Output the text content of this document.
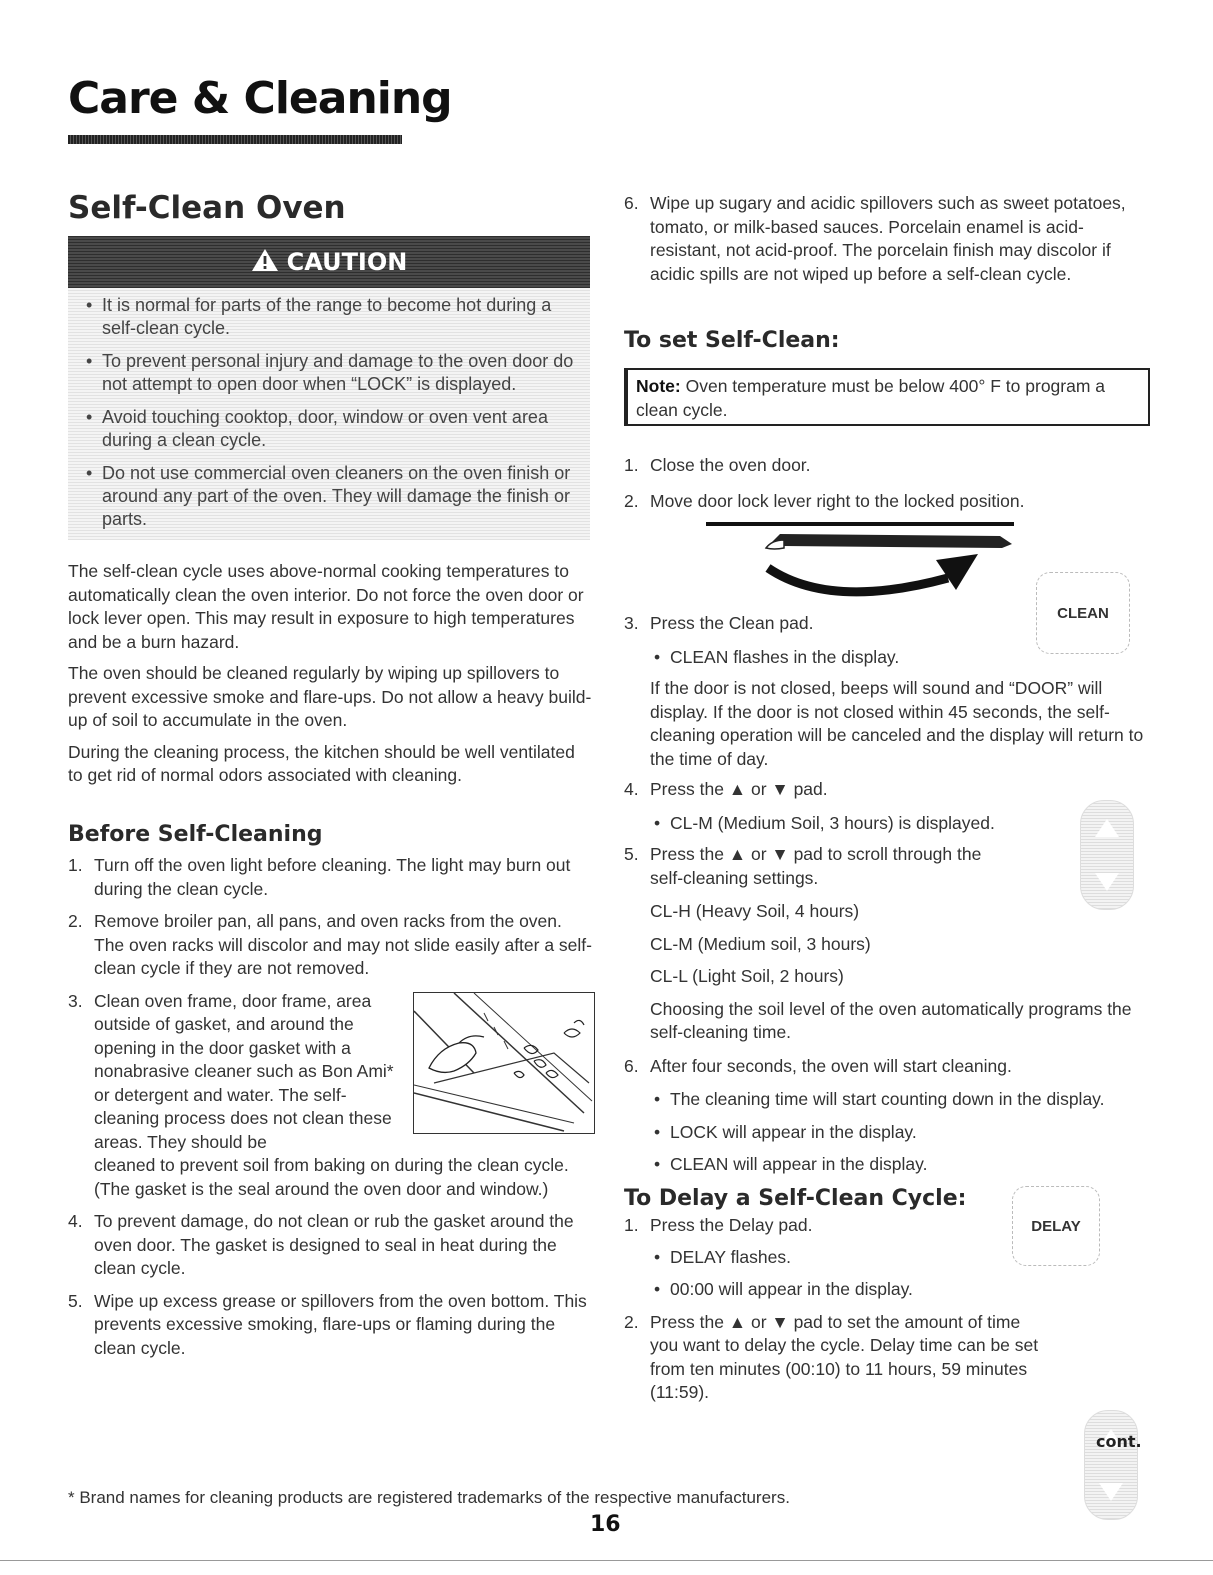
Care & Cleaning
Self-Clean Oven
CAUTION
• It is normal for parts of the range to become hot during a self-clean cycle.
• To prevent personal injury and damage to the oven door do not attempt to open door when “LOCK” is displayed.
• Avoid touching cooktop, door, window or oven vent area during a clean cycle.
• Do not use commercial oven cleaners on the oven finish or around any part of the oven. They will damage the finish or parts.

The self-clean cycle uses above-normal cooking temperatures to automatically clean the oven interior. Do not force the oven door or lock lever open. This may result in exposure to high temperatures and be a burn hazard.

The oven should be cleaned regularly by wiping up spillovers to prevent excessive smoke and flare-ups. Do not allow a heavy build-up of soil to accumulate in the oven.

During the cleaning process, the kitchen should be well ventilated to get rid of normal odors associated with cleaning.

Before Self-Cleaning
1. Turn off the oven light before cleaning. The light may burn out during the clean cycle.
2. Remove broiler pan, all pans, and oven racks from the oven. The oven racks will discolor and may not slide easily after a self-clean cycle if they are not removed.
3. Clean oven frame, door frame, area outside of gasket, and around the opening in the door gasket with a nonabrasive cleaner such as Bon Ami* or detergent and water. The self-cleaning process does not clean these areas. They should be
cleaned to prevent soil from baking on during the clean cycle. (The gasket is the seal around the oven door and window.)
4. To prevent damage, do not clean or rub the gasket around the oven door. The gasket is designed to seal in heat during the clean cycle.
5. Wipe up excess grease or spillovers from the oven bottom. This prevents excessive smoking, flare-ups or flaming during the clean cycle.
6. Wipe up sugary and acidic spillovers such as sweet potatoes, tomato, or milk-based sauces. Porcelain enamel is acid-resistant, not acid-proof. The porcelain finish may discolor if acidic spills are not wiped up before a self-clean cycle.
To set Self-Clean:
Note: Oven temperature must be below 400° F to program a clean cycle.
1. Close the oven door.
2. Move door lock lever right to the locked position.
3. Press the Clean pad.
• CLEAN flashes in the display.

If the door is not closed, beeps will sound and “DOOR” will display. If the door is not closed within 45 seconds, the self-cleaning operation will be canceled and the display will return to the time of day.

CLEAN
4. Press the ▲ or ▼ pad.
• CL-M (Medium Soil, 3 hours) is displayed.
5. Press the ▲ or ▼ pad to scroll through the self-cleaning settings.
CL-H (Heavy Soil, 4 hours)
CL-M (Medium soil, 3 hours)
CL-L (Light Soil, 2 hours)

Choosing the soil level of the oven automatically programs the self-cleaning time.

6. After four seconds, the oven will start cleaning.
• The cleaning time will start counting down in the display.
• LOCK will appear in the display.
• CLEAN will appear in the display.
To Delay a Self-Clean Cycle:
1. Press the Delay pad.
• DELAY flashes.
• 00:00 will appear in the display.
2. Press the ▲ or ▼ pad to set the amount of time you want to delay the cycle. Delay time can be set from ten minutes (00:10) to 11 hours, 59 minutes (11:59).
DELAY
cont.
* Brand names for cleaning products are registered trademarks of the respective manufacturers.
16
